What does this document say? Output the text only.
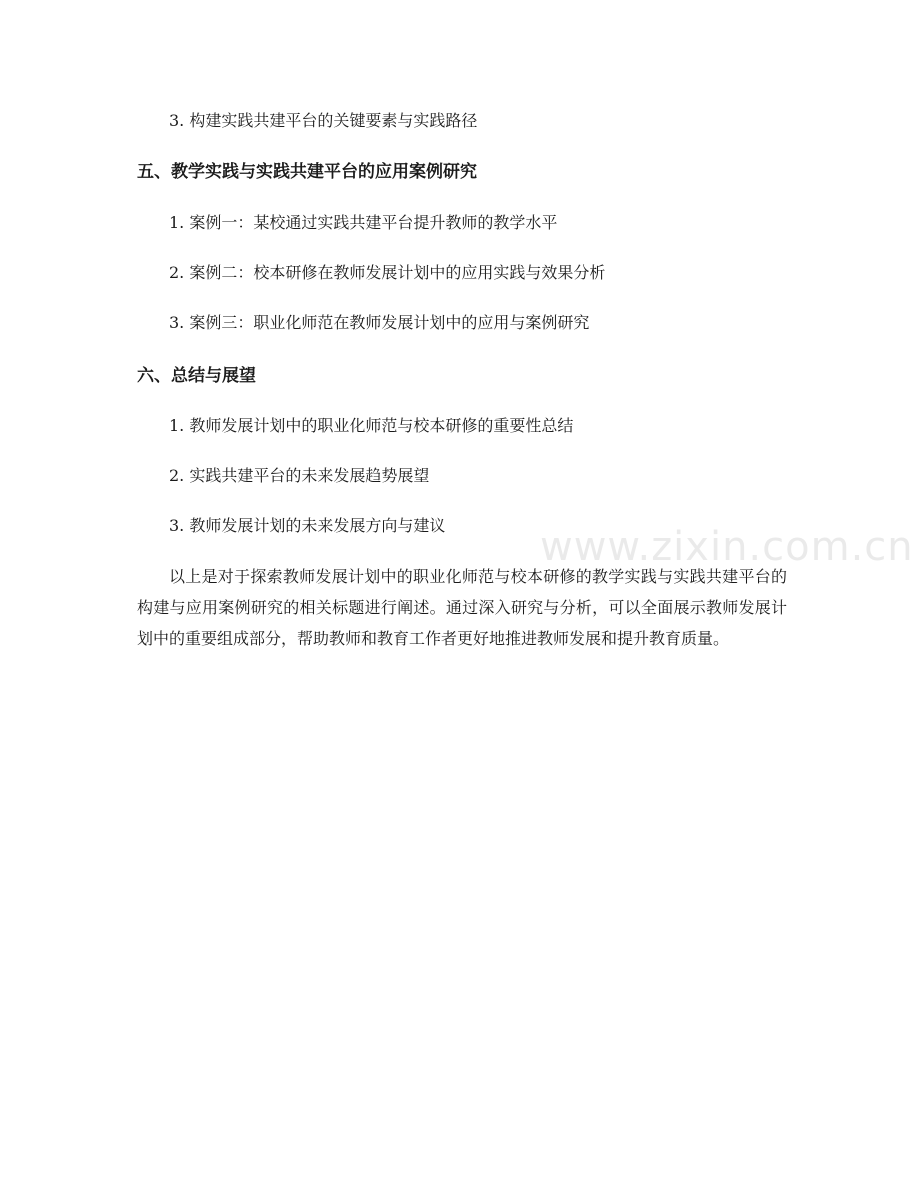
3. 构建实践共建平台的关键要素与实践路径
五、教学实践与实践共建平台的应用案例研究
1. 案例一：某校通过实践共建平台提升教师的教学水平
2. 案例二：校本研修在教师发展计划中的应用实践与效果分析
3. 案例三：职业化师范在教师发展计划中的应用与案例研究
六、总结与展望
1. 教师发展计划中的职业化师范与校本研修的重要性总结
2. 实践共建平台的未来发展趋势展望
3. 教师发展计划的未来发展方向与建议 www.zixin.com.cn
以上是对于探索教师发展计划中的职业化师范与校本研修的教学实践与实践共建平台的构建与应用案例研究的相关标题进行阐述。通过深入研究与分析，可以全面展示教师发展计划中的重要组成部分，帮助教师和教育工作者更好地推进教师发展和提升教育质量。
